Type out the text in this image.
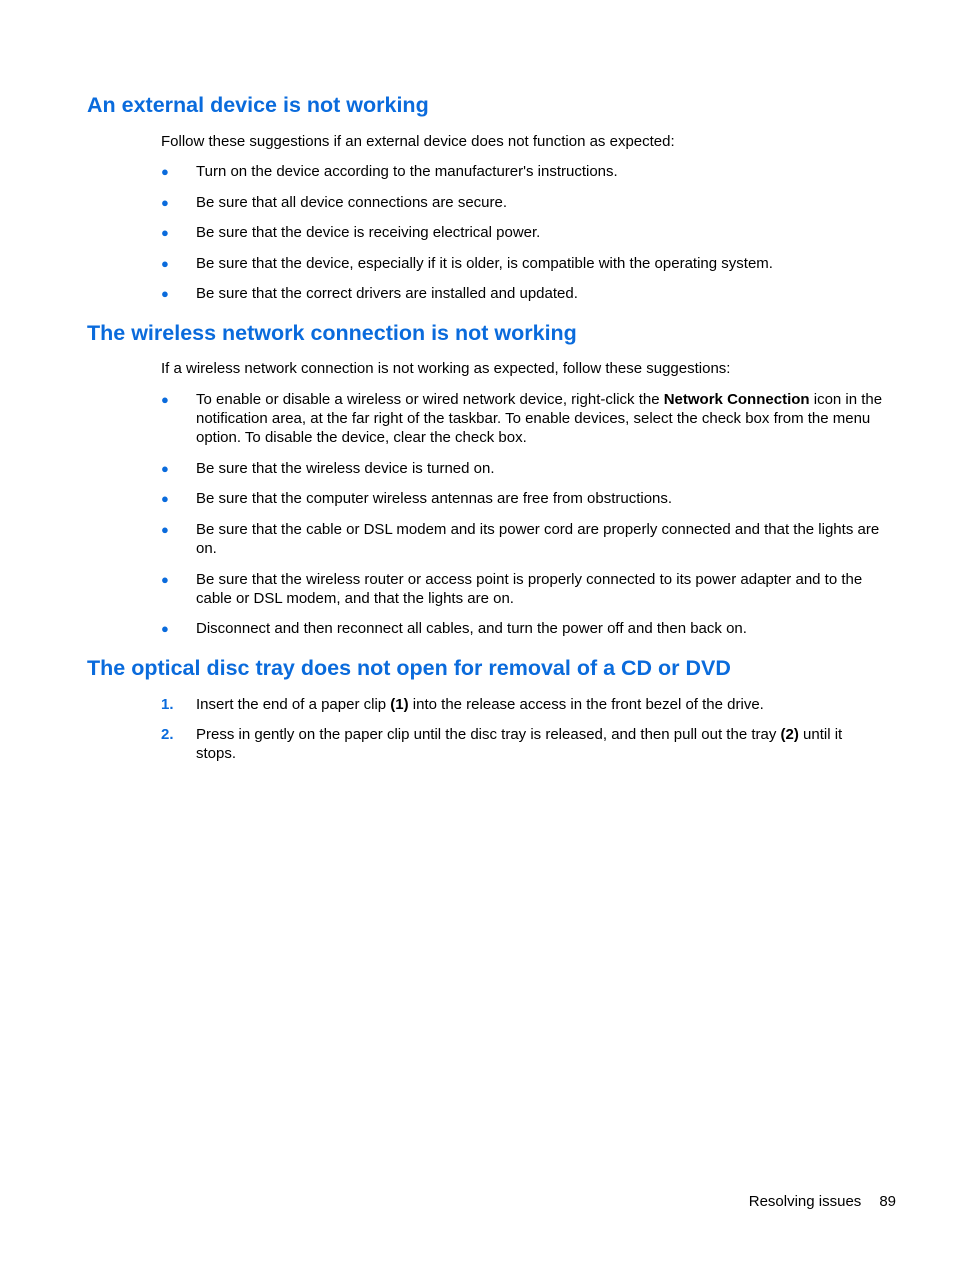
An external device is not working

Follow these suggestions if an external device does not function as expected:

●	Turn on the device according to the manufacturer's instructions.
●	Be sure that all device connections are secure.
●	Be sure that the device is receiving electrical power.
●	Be sure that the device, especially if it is older, is compatible with the operating system.
●	Be sure that the correct drivers are installed and updated.
The wireless network connection is not working

If a wireless network connection is not working as expected, follow these suggestions:

●	To enable or disable a wireless or wired network device, right-click the Network Connection icon in the notification area, at the far right of the taskbar. To enable devices, select the check box from the menu option. To disable the device, clear the check box.
●	Be sure that the wireless device is turned on.
●	Be sure that the computer wireless antennas are free from obstructions.
●	Be sure that the cable or DSL modem and its power cord are properly connected and that the lights are on.
●	Be sure that the wireless router or access point is properly connected to its power adapter and to the cable or DSL modem, and that the lights are on.
●	Disconnect and then reconnect all cables, and turn the power off and then back on.
The optical disc tray does not open for removal of a CD or DVD
1.	Insert the end of a paper clip (1) into the release access in the front bezel of the drive.
2.	Press in gently on the paper clip until the disc tray is released, and then pull out the tray (2) until it stops.
Resolving issues 89
